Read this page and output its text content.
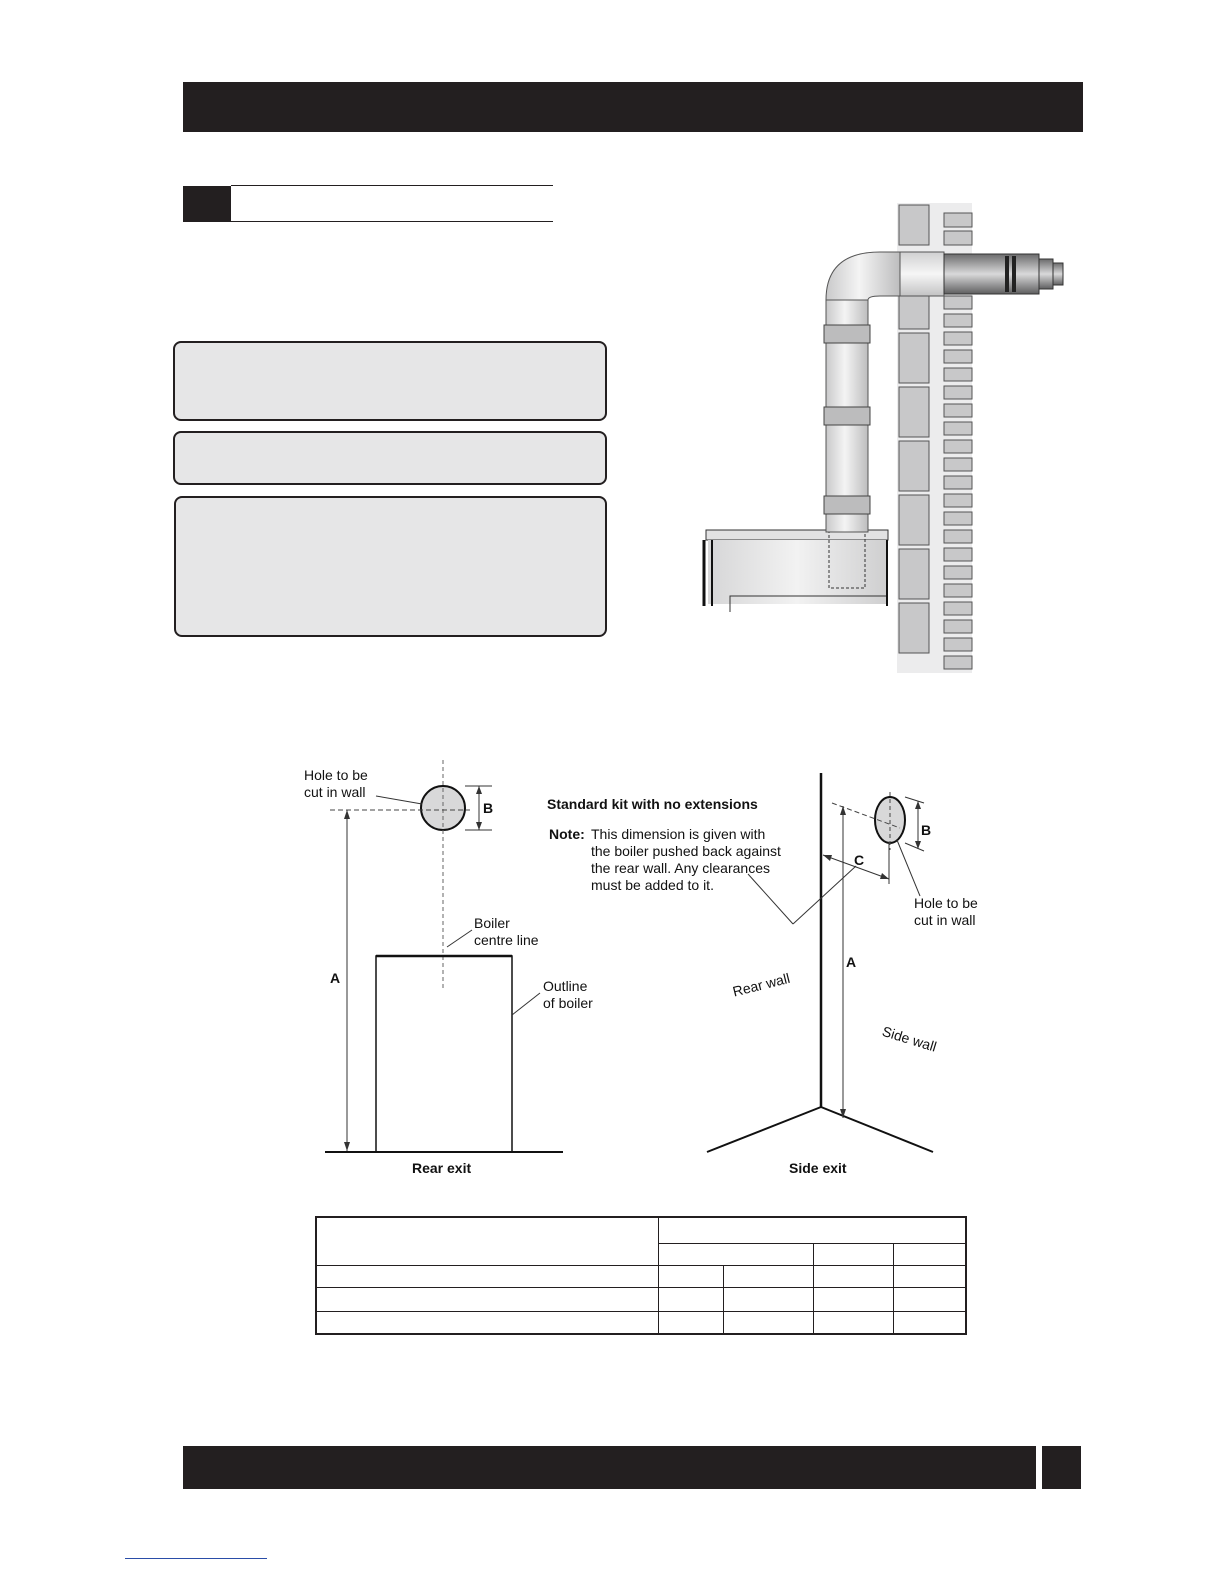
Hole to be
cut in wall
B
A
Boiler
centre line
Outline
of boiler
Rear exit
Standard kit with no extensions
Note: This dimension is given with
the boiler pushed back against
the rear wall. Any clearances
must be added to it.
B
C
A
Hole to be
cut in wall
Rear wall
Side wall
Side exit
